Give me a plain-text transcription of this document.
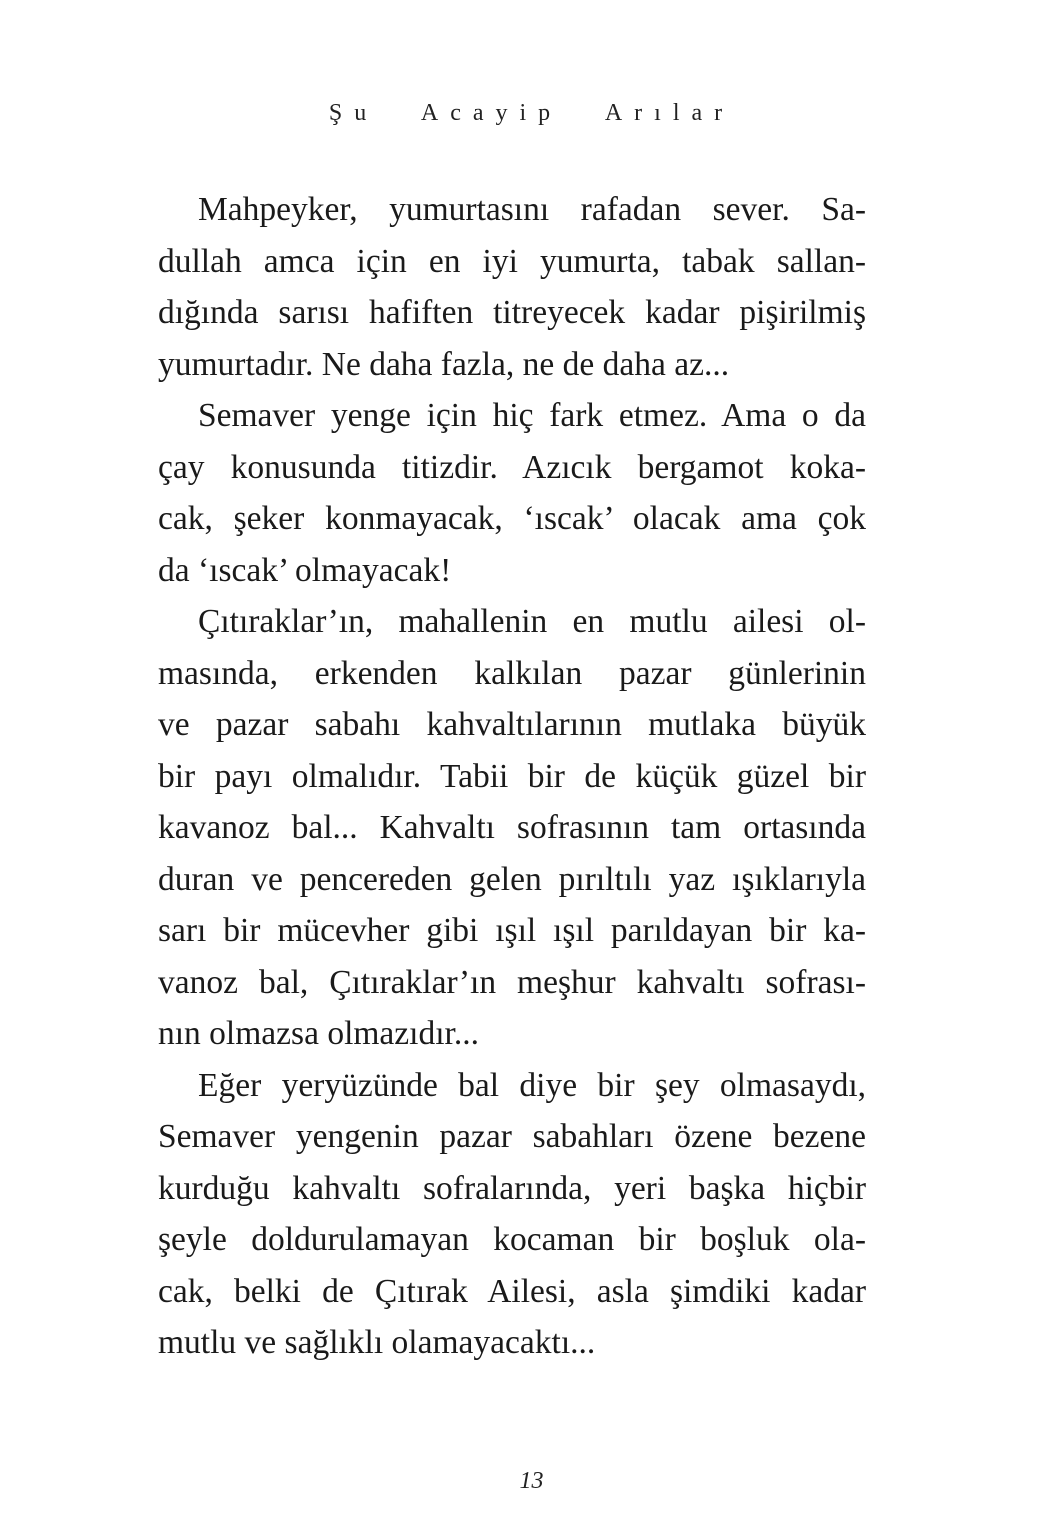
Şu Acayip Arılar
Mahpeyker, yumurtasını rafadan sever. Sa-
dullah amca için en iyi yumurta, tabak sallan-
dığında sarısı hafiften titreyecek kadar pişirilmiş
yumurtadır. Ne daha fazla, ne de daha az...
Semaver yenge için hiç fark etmez. Ama o da
çay konusunda titizdir. Azıcık bergamot koka-
cak, şeker konmayacak, ‘ıscak’ olacak ama çok
da ‘ıscak’ olmayacak!
Çıtıraklar’ın, mahallenin en mutlu ailesi ol-
masında, erkenden kalkılan pazar günlerinin
ve pazar sabahı kahvaltılarının mutlaka büyük
bir payı olmalıdır. Tabii bir de küçük güzel bir
kavanoz bal... Kahvaltı sofrasının tam ortasında
duran ve pencereden gelen pırıltılı yaz ışıklarıyla
sarı bir mücevher gibi ışıl ışıl parıldayan bir ka-
vanoz bal, Çıtıraklar’ın meşhur kahvaltı sofrası-
nın olmazsa olmazıdır...
Eğer yeryüzünde bal diye bir şey olmasaydı,
Semaver yengenin pazar sabahları özene bezene
kurduğu kahvaltı sofralarında, yeri başka hiçbir
şeyle doldurulamayan kocaman bir boşluk ola-
cak, belki de Çıtırak Ailesi, asla şimdiki kadar
mutlu ve sağlıklı olamayacaktı...
13
